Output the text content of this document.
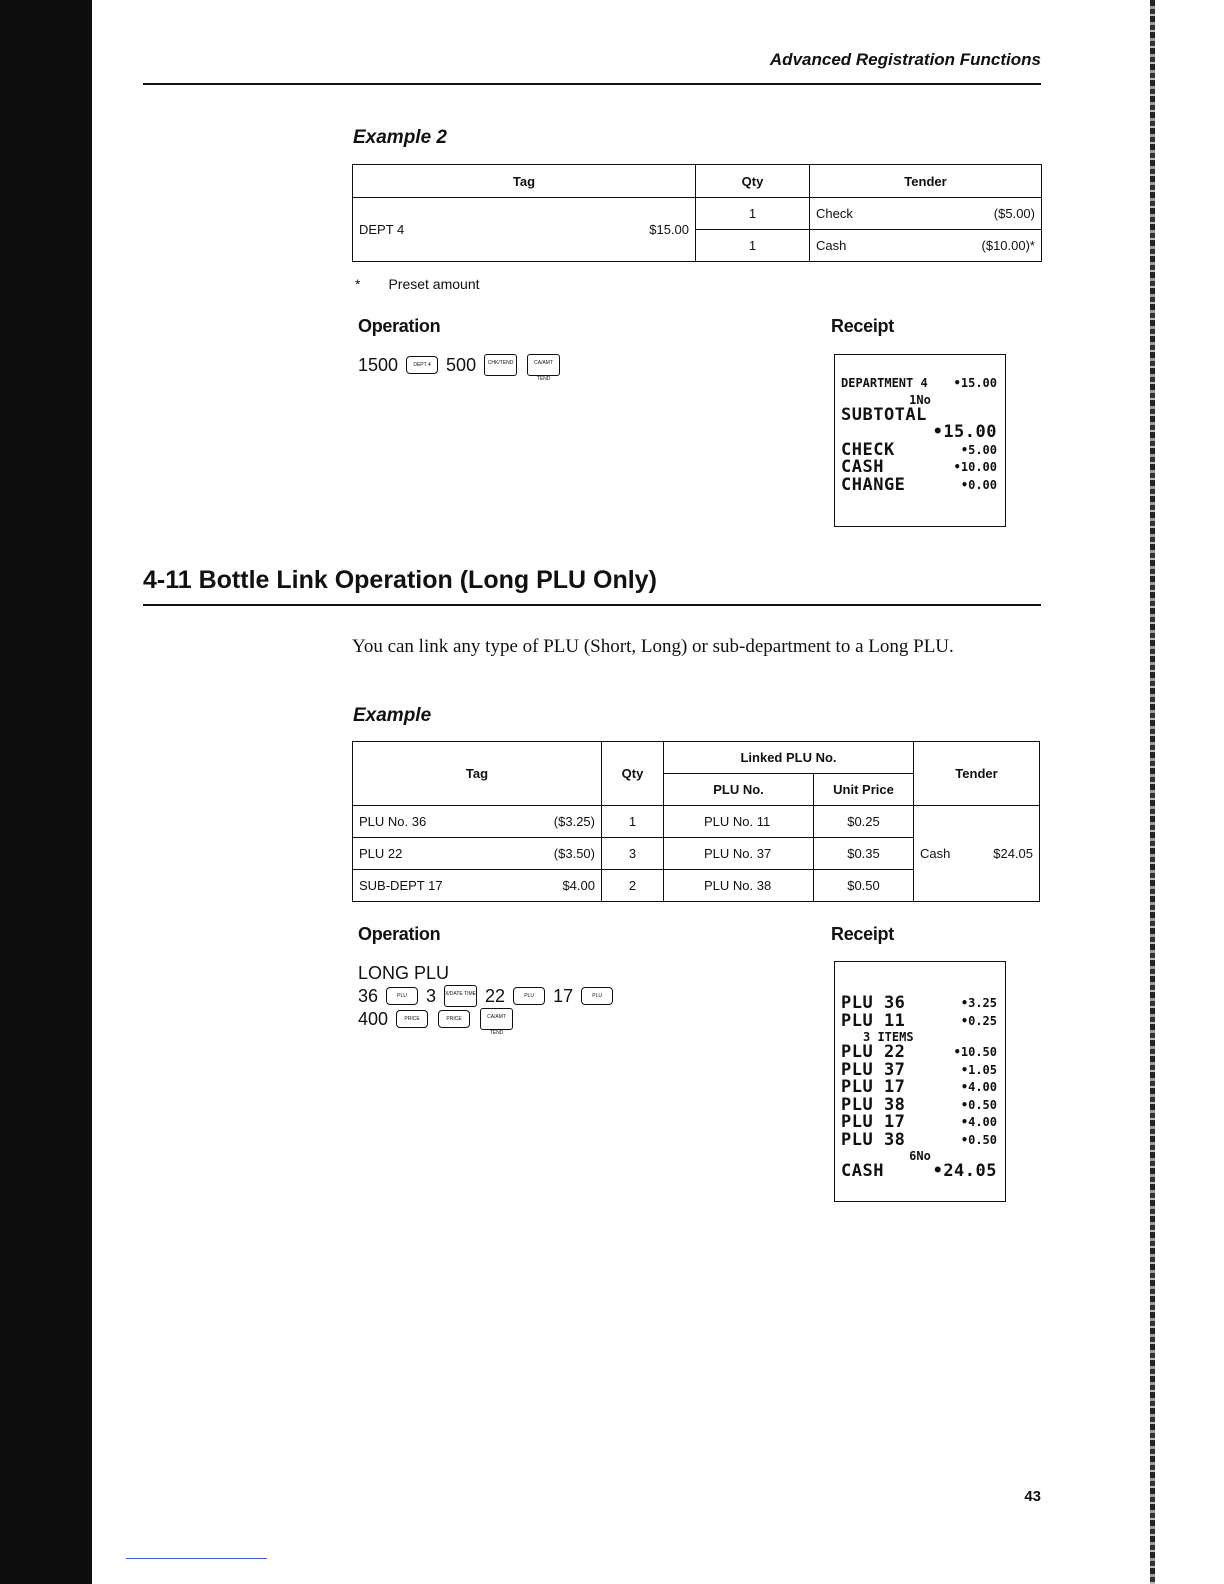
Advanced Registration Functions
Example 2
Tag	Qty	Tender

DEPT 4 $15.00	1	Check ($5.00)

	1	Cash ($10.00)*
* Preset amount
Operation	Receipt
1500	DEPT 4 500	CHK/TEND	CA/AMT TEND	DEPARTMENT 4 •15.00
1No
SUBTOTAL
•15.00
CHECK	•5.00
CASH	•10.00
CHANGE	•0.00
4-11 Bottle Link Operation (Long PLU Only)
You can link any type of PLU (Short, Long) or sub-department to a Long PLU.
Example
Tag	Qty	Linked PLU No.		Tender
		PLU No.	Unit Price	

PLU No. 36 ($3.25)	1	PLU No. 11	$0.25	Cash $24.05

PLU 22 ($3.50)	3	PLU No. 37	$0.35	

SUB-DEPT 17 $4.00	2	PLU No. 38	$0.50	
Operation	Receipt
LONG PLU
36	PLU	3 X/DATE TIME 22	PLU	17	PLU
400	PRICE	PRICE	CA/AMT TEND
PLU 36	•3.25
PLU 11	•0.25
3 ITEMS
PLU 22	•10.50
PLU 37	•1.05
PLU 17	•4.00
PLU 38	•0.50
PLU 17	•4.00
PLU 38	•0.50
6No
CASH	•24.05
43
